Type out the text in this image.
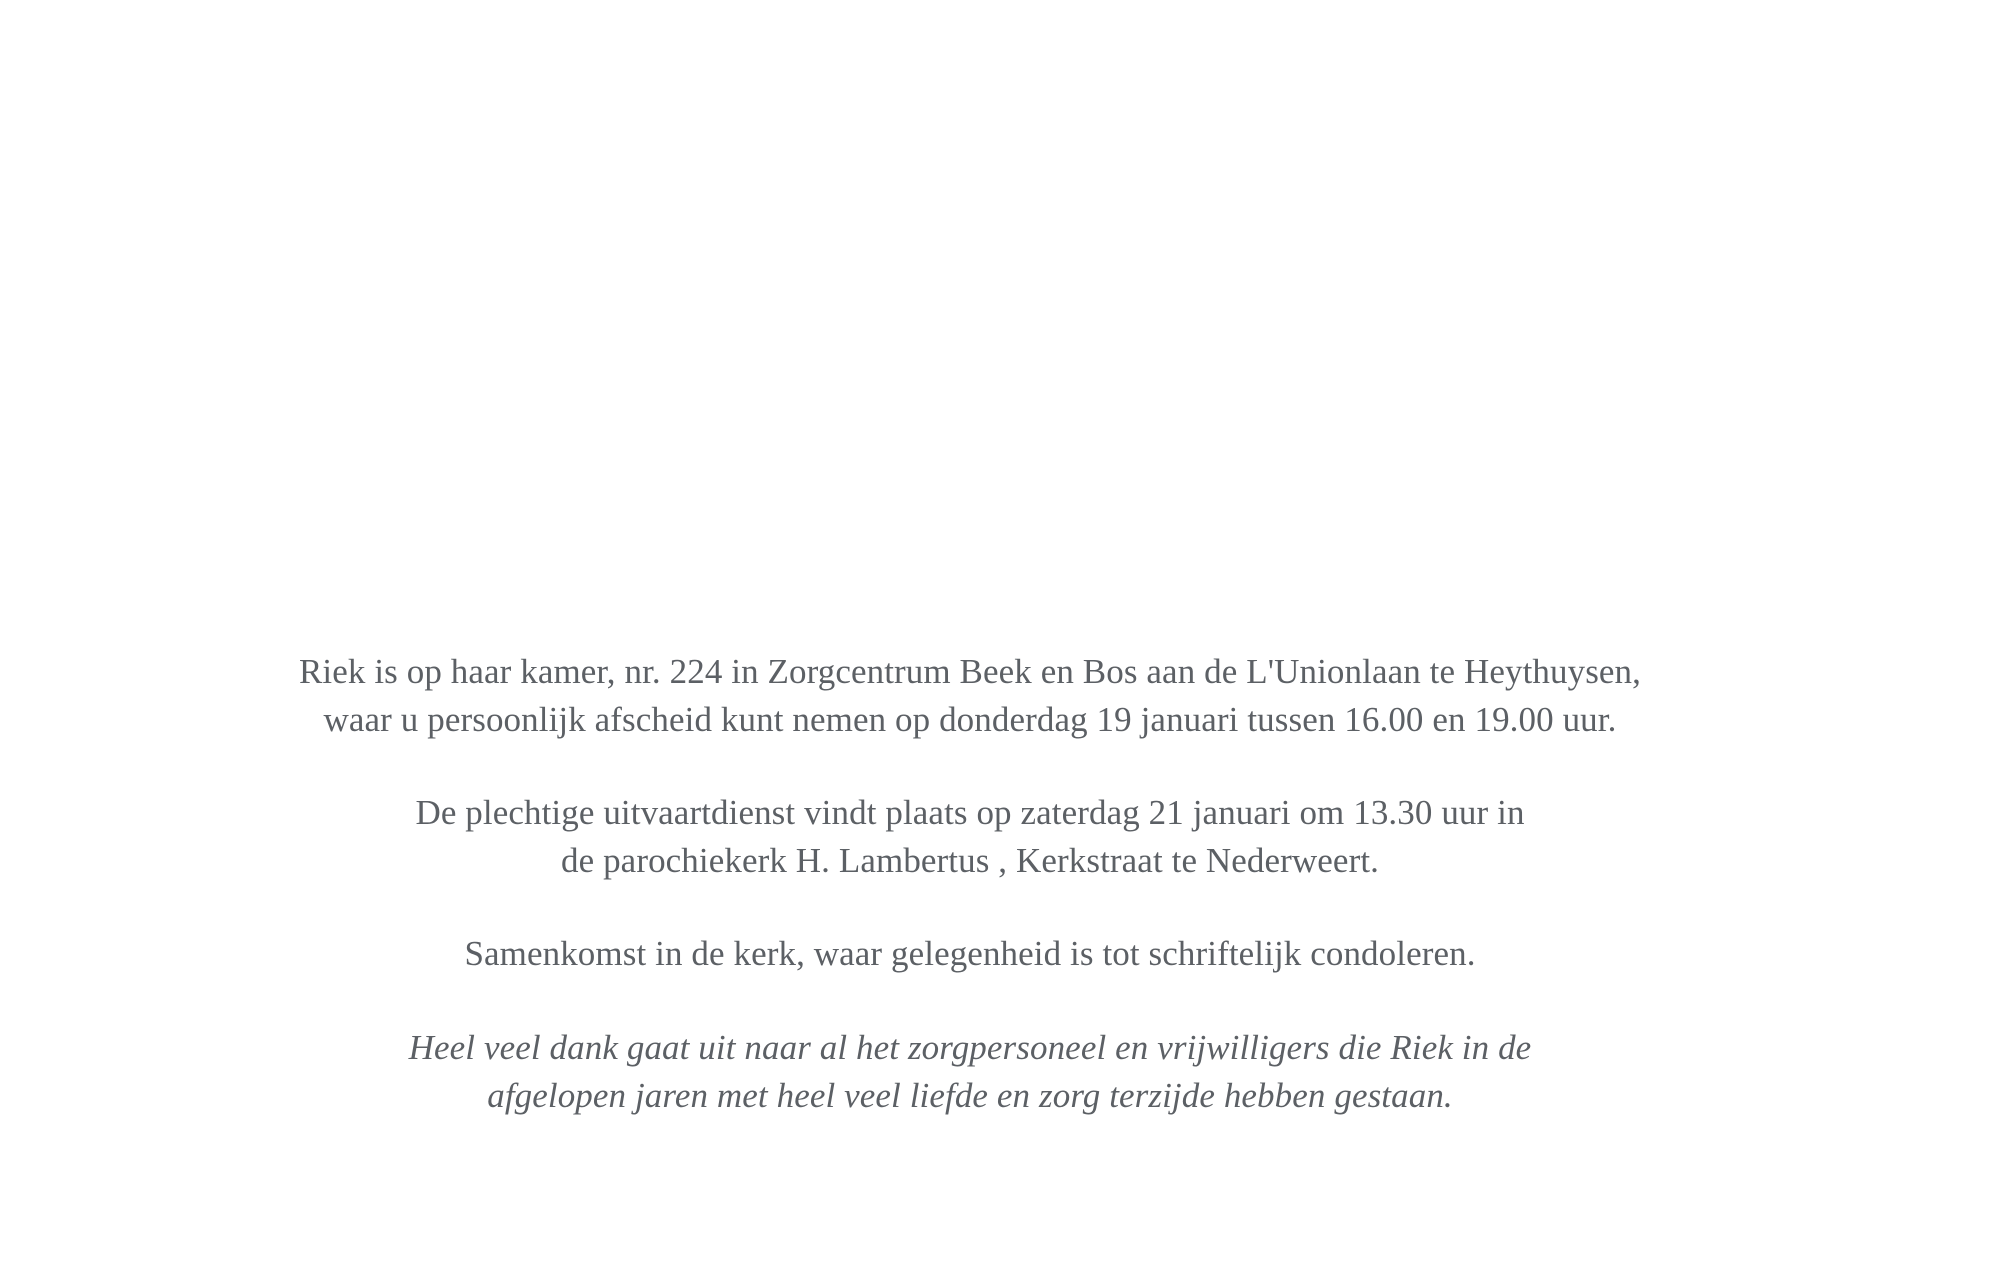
Riek is op haar kamer, nr. 224 in Zorgcentrum Beek en Bos aan de L'Unionlaan te Heythuysen,
waar u persoonlijk afscheid kunt nemen op donderdag 19 januari tussen 16.00 en 19.00 uur.

De plechtige uitvaartdienst vindt plaats op zaterdag 21 januari om 13.30 uur in
de parochiekerk H. Lambertus , Kerkstraat te Nederweert.

Samenkomst in de kerk, waar gelegenheid is tot schriftelijk condoleren.

Heel veel dank gaat uit naar al het zorgpersoneel en vrijwilligers die Riek in de
afgelopen jaren met heel veel liefde en zorg terzijde hebben gestaan.
